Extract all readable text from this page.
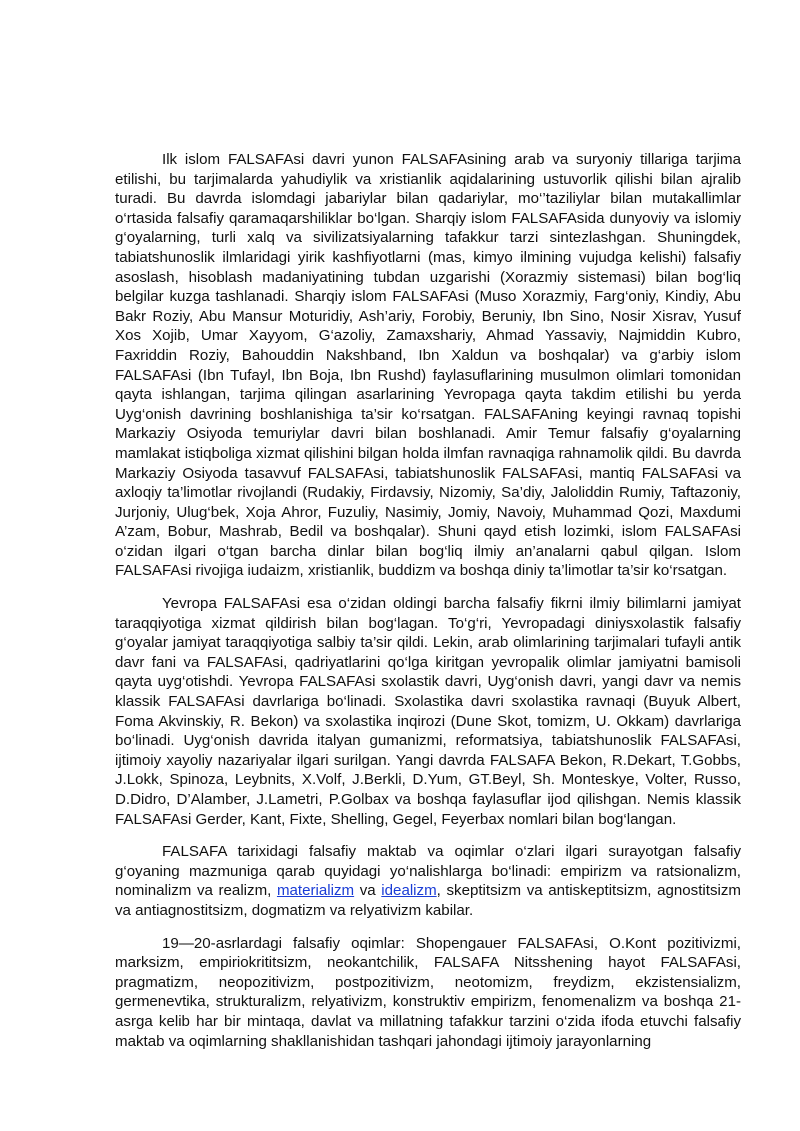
Ilk islom FALSAFAsi davri yunon FALSAFAsining arab va suryoniy tillariga tarjima etilishi, bu tarjimalarda yahudiylik va xristianlik aqidalarining ustuvorlik qilishi bilan ajralib turadi. Bu davrda islomdagi jabariylar bilan qadariylar, mo‘’taziliylar bilan mutakallimlar o‘rtasida falsafiy qaramaqarshiliklar bo‘lgan. Sharqiy islom FALSAFAsida dunyoviy va islomiy g‘oyalarning, turli xalq va sivilizatsiyalarning tafakkur tarzi sintezlashgan. Shuningdek, tabiatshunoslik ilmlaridagi yirik kashfiyotlarni (mas, kimyo ilmining vujudga kelishi) falsafiy asoslash, hisoblash madaniyatining tubdan uzgarishi (Xorazmiy sistemasi) bilan bog‘liq belgilar kuzga tashlanadi. Sharqiy islom FALSAFAsi (Muso Xorazmiy, Farg‘oniy, Kindiy, Abu Bakr Roziy, Abu Mansur Moturidiy, Ash’ariy, Forobiy, Beruniy, Ibn Sino, Nosir Xisrav, Yusuf Xos Xojib, Umar Xayyom, G‘azoliy, Zamaxshariy, Ahmad Yassaviy, Najmiddin Kubro, Faxriddin Roziy, Bahouddin Nakshband, Ibn Xaldun va boshqalar) va g‘arbiy islom FALSAFAsi (Ibn Tufayl, Ibn Boja, Ibn Rushd) faylasuflarining musulmon olimlari tomonidan qayta ishlangan, tarjima qilingan asarlarining Yevropaga qayta takdim etilishi bu yerda Uyg‘onish davrining boshlanishiga ta’sir ko‘rsatgan. FALSAFAning keyingi ravnaq topishi Markaziy Osiyoda temuriylar davri bilan boshlanadi. Amir Temur falsafiy g‘oyalarning mamlakat istiqboliga xizmat qilishini bilgan holda ilmfan ravnaqiga rahnamolik qildi. Bu davrda Markaziy Osiyoda tasavvuf FALSAFAsi, tabiatshunoslik FALSAFAsi, mantiq FALSAFAsi va axloqiy ta’limotlar rivojlandi (Rudakiy, Firdavsiy, Nizomiy, Sa’diy, Jaloliddin Rumiy, Taftazoniy, Jurjoniy, Ulug‘bek, Xoja Ahror, Fuzuliy, Nasimiy, Jomiy, Navoiy, Muhammad Qozi, Maxdumi A’zam, Bobur, Mashrab, Bedil va boshqalar). Shuni qayd etish lozimki, islom FALSAFAsi o‘zidan ilgari o‘tgan barcha dinlar bilan bog‘liq ilmiy an’analarni qabul qilgan. Islom FALSAFAsi rivojiga iudaizm, xristianlik, buddizm va boshqa diniy ta’limotlar ta’sir ko‘rsatgan.

Yevropa FALSAFAsi esa o‘zidan oldingi barcha falsafiy fikrni ilmiy bilimlarni jamiyat taraqqiyotiga xizmat qildirish bilan bog‘lagan. To‘g‘ri, Yevropadagi diniysxolastik falsafiy g‘oyalar jamiyat taraqqiyotiga salbiy ta’sir qildi. Lekin, arab olimlarining tarjimalari tufayli antik davr fani va FALSAFAsi, qadriyatlarini qo‘lga kiritgan yevropalik olimlar jamiyatni bamisoli qayta uyg‘otishdi. Yevropa FALSAFAsi sxolastik davri, Uyg‘onish davri, yangi davr va nemis klassik FALSAFAsi davrlariga bo‘linadi. Sxolastika davri sxolastika ravnaqi (Buyuk Albert, Foma Akvinskiy, R. Bekon) va sxolastika inqirozi (Dune Skot, tomizm, U. Okkam) davrlariga bo‘linadi. Uyg‘onish davrida italyan gumanizmi, reformatsiya, tabiatshunoslik FALSAFAsi, ijtimoiy xayoliy nazariyalar ilgari surilgan. Yangi davrda FALSAFA Bekon, R.Dekart, T.Gobbs, J.Lokk, Spinoza, Leybnits, X.Volf, J.Berkli, D.Yum, GT.Beyl, Sh. Monteskye, Volter, Russo, D.Didro, D’Alamber, J.Lametri, P.Golbax va boshqa faylasuflar ijod qilishgan. Nemis klassik FALSAFAsi Gerder, Kant, Fixte, Shelling, Gegel, Feyerbax nomlari bilan bog‘langan.

FALSAFA tarixidagi falsafiy maktab va oqimlar o‘zlari ilgari surayotgan falsafiy g‘oyaning mazmuniga qarab quyidagi yo‘nalishlarga bo‘linadi: empirizm va ratsionalizm, nominalizm va realizm, materializm va idealizm, skeptitsizm va antiskeptitsizm, agnostitsizm va antiagnostitsizm, dogmatizm va relyativizm kabilar.

19—20-asrlardagi falsafiy oqimlar: Shopengauer FALSAFAsi, O.Kont pozitivizmi, marksizm, empiriokrititsizm, neokantchilik, FALSAFA Nitsshening hayot FALSAFAsi, pragmatizm, neopozitivizm, postpozitivizm, neotomizm, freydizm, ekzistensializm, germenevtika, strukturalizm, relyativizm, konstruktiv empirizm, fenomenalizm va boshqa 21-asrga kelib har bir mintaqa, davlat va millatning tafakkur tarzini o‘zida ifoda etuvchi falsafiy maktab va oqimlarning shakllanishidan tashqari jahondagi ijtimoiy jarayonlarning
